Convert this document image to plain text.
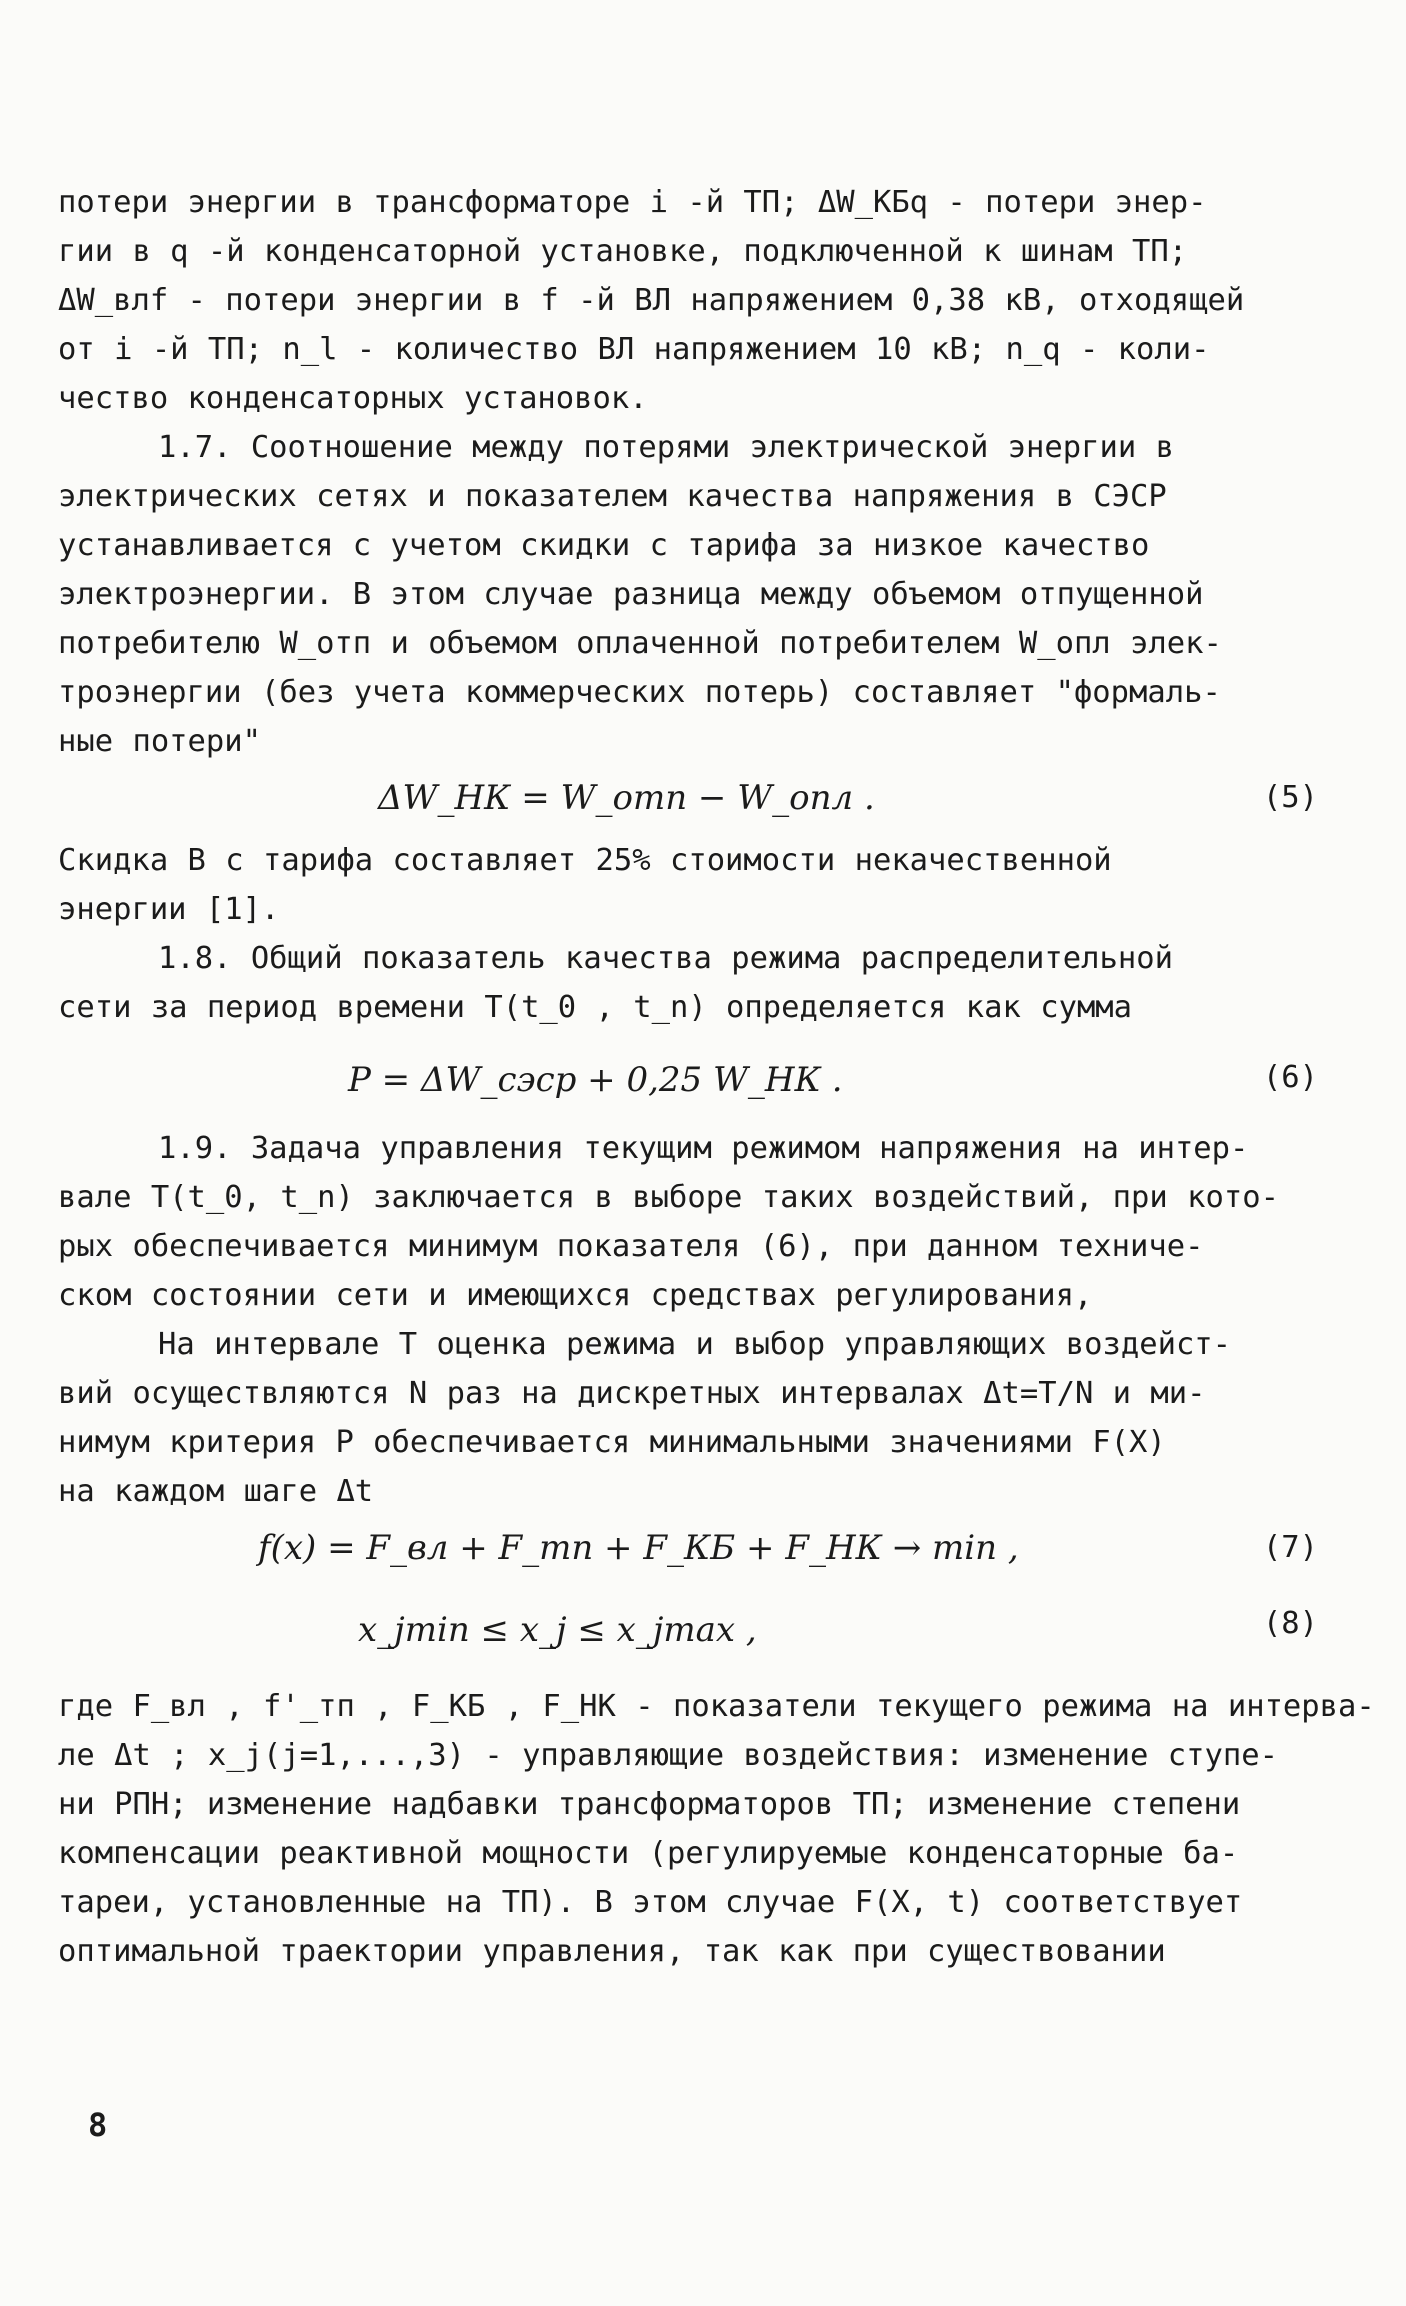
потери энергии в трансформаторе i -й ТП; ΔW_КБq - потери энер-
гии в q -й конденсаторной установке, подключенной к шинам ТП;
ΔW_влf - потери энергии в f -й ВЛ напряжением 0,38 кВ, отходящей
от i -й ТП; n_l - количество ВЛ напряжением 10 кВ; n_q - коли-
чество конденсаторных установок.

1.7. Соотношение между потерями электрической энергии в
электрических сетях и показателем качества напряжения в СЭСР
устанавливается с учетом скидки с тарифа за низкое качество
электроэнергии. В этом случае разница между объемом отпущенной
потребителю W_отп и объемом оплаченной потребителем W_опл элек-
троэнергии (без учета коммерческих потерь) составляет "формаль-
ные потери"

ΔW_НК = W_отп − W_опл .	(5)

Скидка B с тарифа составляет 25% стоимости некачественной
энергии [1].

1.8. Общий показатель качества режима распределительной
сети за период времени T(t_0 , t_n) определяется как сумма

P = ΔW_сэср + 0,25 W_НК .	(6)

1.9. Задача управления текущим режимом напряжения на интер-
вале T(t_0, t_n) заключается в выборе таких воздействий, при кото-
рых обеспечивается минимум показателя (6), при данном техниче-
ском состоянии сети и имеющихся средствах регулирования,

На интервале T оценка режима и выбор управляющих воздейст-
вий осуществляются N раз на дискретных интервалах Δt=T/N и ми-
нимум критерия P обеспечивается минимальными значениями F(X)
на каждом шаге Δt

f(x) = F_вл + F_тп + F_КБ + F_НК → min ,	(7)
x_jmin ≤ x_j ≤ x_jmax ,	(8)

где F_вл , f'_тп , F_КБ , F_НК - показатели текущего режима на интерва-
ле Δt ; x_j(j=1,...,3) - управляющие воздействия: изменение ступе-
ни РПН; изменение надбавки трансформаторов ТП; изменение степени
компенсации реактивной мощности (регулируемые конденсаторные ба-
тареи, установленные на ТП). В этом случае F(X, t) соответствует
оптимальной траектории управления, так как при существовании

8
